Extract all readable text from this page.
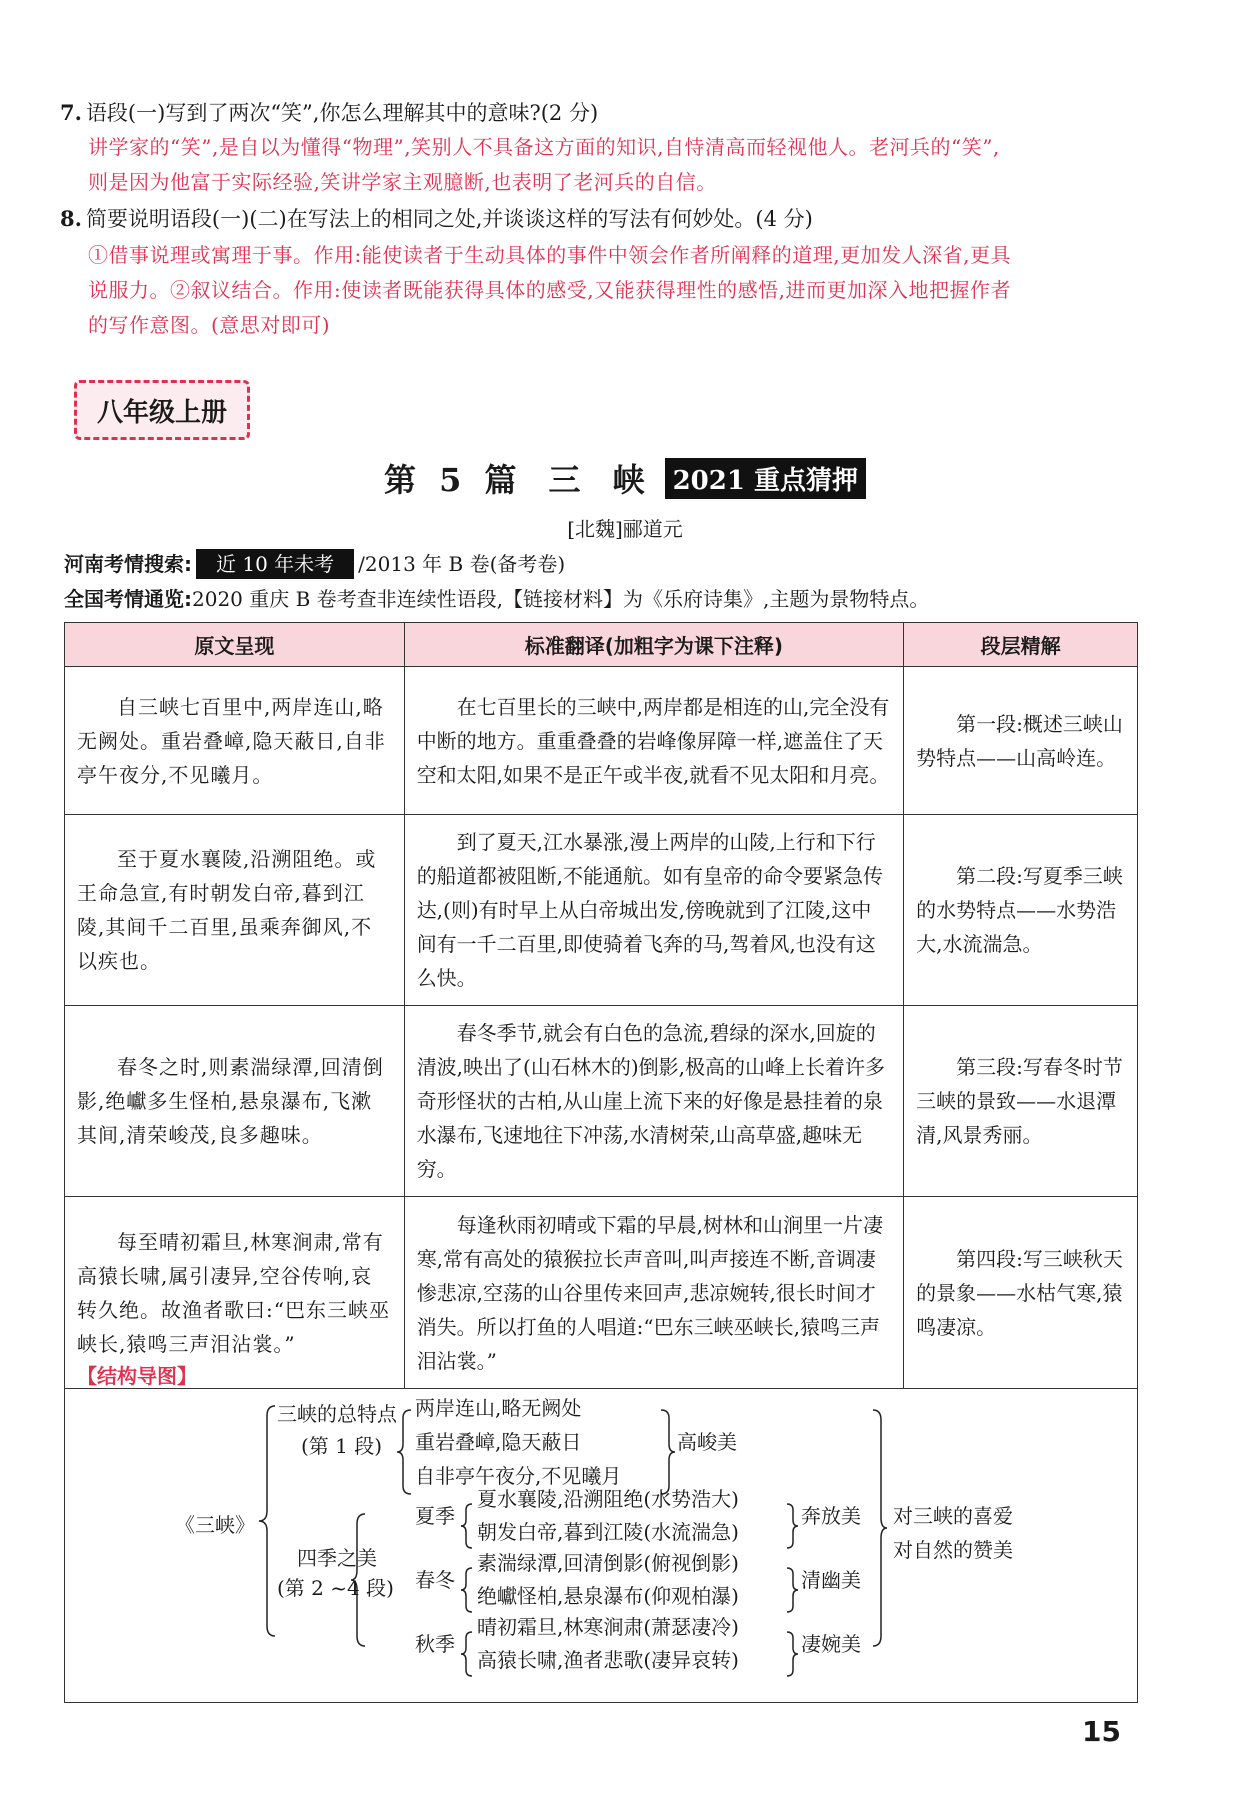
7. 语段(一)写到了两次“笑”,你怎么理解其中的意味?(2 分)
讲学家的“笑”,是自以为懂得“物理”,笑别人不具备这方面的知识,自恃清高而轻视他人。老河兵的“笑”,
则是因为他富于实际经验,笑讲学家主观臆断,也表明了老河兵的自信。
8. 简要说明语段(一)(二)在写法上的相同之处,并谈谈这样的写法有何妙处。(4 分)
①借事说理或寓理于事。作用:能使读者于生动具体的事件中领会作者所阐释的道理,更加发人深省,更具
说服力。②叙议结合。作用:使读者既能获得具体的感受,又能获得理性的感悟,进而更加深入地把握作者
的写作意图。(意思对即可)
八年级上册
第 5 篇 三 峡 2021 重点猜押
[北魏]郦道元
河南考情搜索: 近 10 年未考 /2013 年 B 卷(备考卷)
全国考情通览:2020 重庆 B 卷考查非连续性语段,【链接材料】为《乐府诗集》,主题为景物特点。
原文呈现	标准翻译(加粗字为课下注释)	段层精解
自三峡七百里中,两岸连山,略无阙处。重岩叠嶂,隐天蔽日,自非亭午夜分,不见曦月。	在七百里长的三峡中,两岸都是相连的山,完全没有中断的地方。重重叠叠的岩峰像屏障一样,遮盖住了天空和太阳,如果不是正午或半夜,就看不见太阳和月亮。	第一段:概述三峡山势特点——山高岭连。
至于夏水襄陵,沿溯阻绝。或王命急宣,有时朝发白帝,暮到江陵,其间千二百里,虽乘奔御风,不以疾也。	到了夏天,江水暴涨,漫上两岸的山陵,上行和下行的船道都被阻断,不能通航。如有皇帝的命令要紧急传达,(则)有时早上从白帝城出发,傍晚就到了江陵,这中间有一千二百里,即使骑着飞奔的马,驾着风,也没有这么快。	第二段:写夏季三峡的水势特点——水势浩大,水流湍急。
春冬之时,则素湍绿潭,回清倒影,绝巘多生怪柏,悬泉瀑布,飞漱其间,清荣峻茂,良多趣味。	春冬季节,就会有白色的急流,碧绿的深水,回旋的清波,映出了(山石林木的)倒影,极高的山峰上长着许多奇形怪状的古柏,从山崖上流下来的好像是悬挂着的泉水瀑布,飞速地往下冲荡,水清树荣,山高草盛,趣味无穷。	第三段:写春冬时节三峡的景致——水退潭清,风景秀丽。
每至晴初霜旦,林寒涧肃,常有高猿长啸,属引凄异,空谷传响,哀转久绝。故渔者歌曰:“巴东三峡巫峡长,猿鸣三声泪沾裳。”	每逢秋雨初晴或下霜的早晨,树林和山涧里一片凄寒,常有高处的猿猴拉长声音叫,叫声接连不断,音调凄惨悲凉,空荡的山谷里传来回声,悲凉婉转,很长时间才消失。所以打鱼的人唱道:“巴东三峡巫峡长,猿鸣三声泪沾裳。”	第四段:写三峡秋天的景象——水枯气寒,猿鸣凄凉。
【结构导图】
《三峡》
三峡的总特点
(第 1 段)
两岸连山,略无阙处
重岩叠嶂,隐天蔽日
自非亭午夜分,不见曦月
高峻美
四季之美
(第 2 ~4 段)
夏季
夏水襄陵,沿溯阻绝(水势浩大)
朝发白帝,暮到江陵(水流湍急)
奔放美
春冬
素湍绿潭,回清倒影(俯视倒影)
绝巘怪柏,悬泉瀑布(仰观柏瀑)
清幽美
秋季
晴初霜旦,林寒涧肃(萧瑟凄冷)
高猿长啸,渔者悲歌(凄异哀转)
凄婉美
对三峡的喜爱
对自然的赞美
15
